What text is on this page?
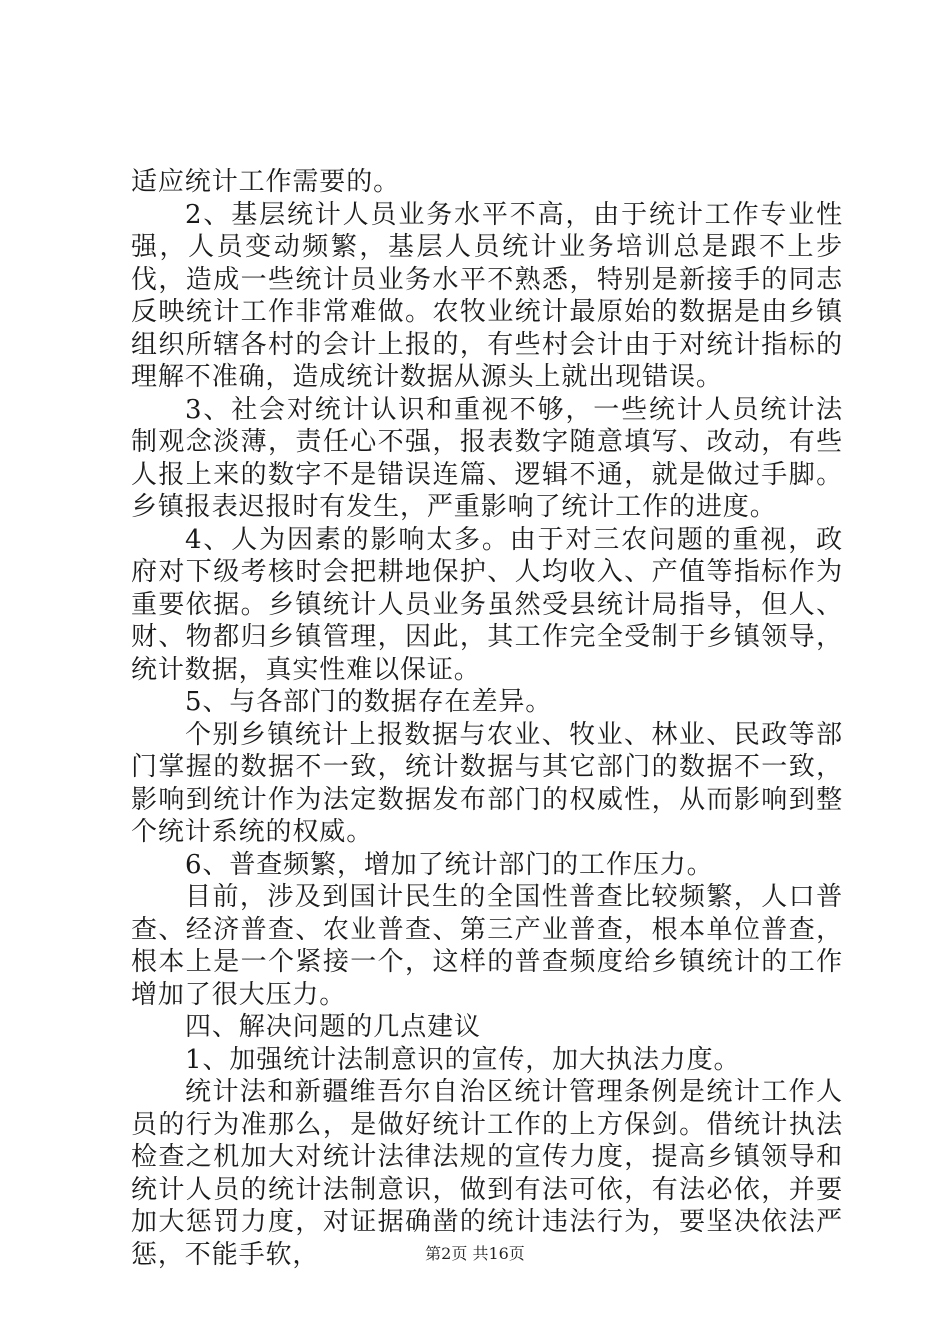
适应统计工作需要的。

2、基层统计人员业务水平不高，由于统计工作专业性强，人员变动频繁，基层人员统计业务培训总是跟不上步伐，造成一些统计员业务水平不熟悉，特别是新接手的同志反映统计工作非常难做。农牧业统计最原始的数据是由乡镇组织所辖各村的会计上报的，有些村会计由于对统计指标的理解不准确，造成统计数据从源头上就出现错误。

3、社会对统计认识和重视不够，一些统计人员统计法制观念淡薄，责任心不强，报表数字随意填写、改动，有些人报上来的数字不是错误连篇、逻辑不通，就是做过手脚。乡镇报表迟报时有发生，严重影响了统计工作的进度。

4、人为因素的影响太多。由于对三农问题的重视，政府对下级考核时会把耕地保护、人均收入、产值等指标作为重要依据。乡镇统计人员业务虽然受县统计局指导，但人、财、物都归乡镇管理，因此，其工作完全受制于乡镇领导，统计数据，真实性难以保证。

5、与各部门的数据存在差异。

个别乡镇统计上报数据与农业、牧业、林业、民政等部门掌握的数据不一致，统计数据与其它部门的数据不一致，影响到统计作为法定数据发布部门的权威性，从而影响到整个统计系统的权威。

6、普查频繁，增加了统计部门的工作压力。

目前，涉及到国计民生的全国性普查比较频繁，人口普查、经济普查、农业普查、第三产业普查，根本单位普查，根本上是一个紧接一个，这样的普查频度给乡镇统计的工作增加了很大压力。

四、解决问题的几点建议

1、加强统计法制意识的宣传，加大执法力度。

统计法和新疆维吾尔自治区统计管理条例是统计工作人员的行为准那么，是做好统计工作的上方保剑。借统计执法检查之机加大对统计法律法规的宣传力度，提高乡镇领导和统计人员的统计法制意识，做到有法可依，有法必依，并要加大惩罚力度，对证据确凿的统计违法行为，要坚决依法严惩，不能手软，	第2页 共16页
